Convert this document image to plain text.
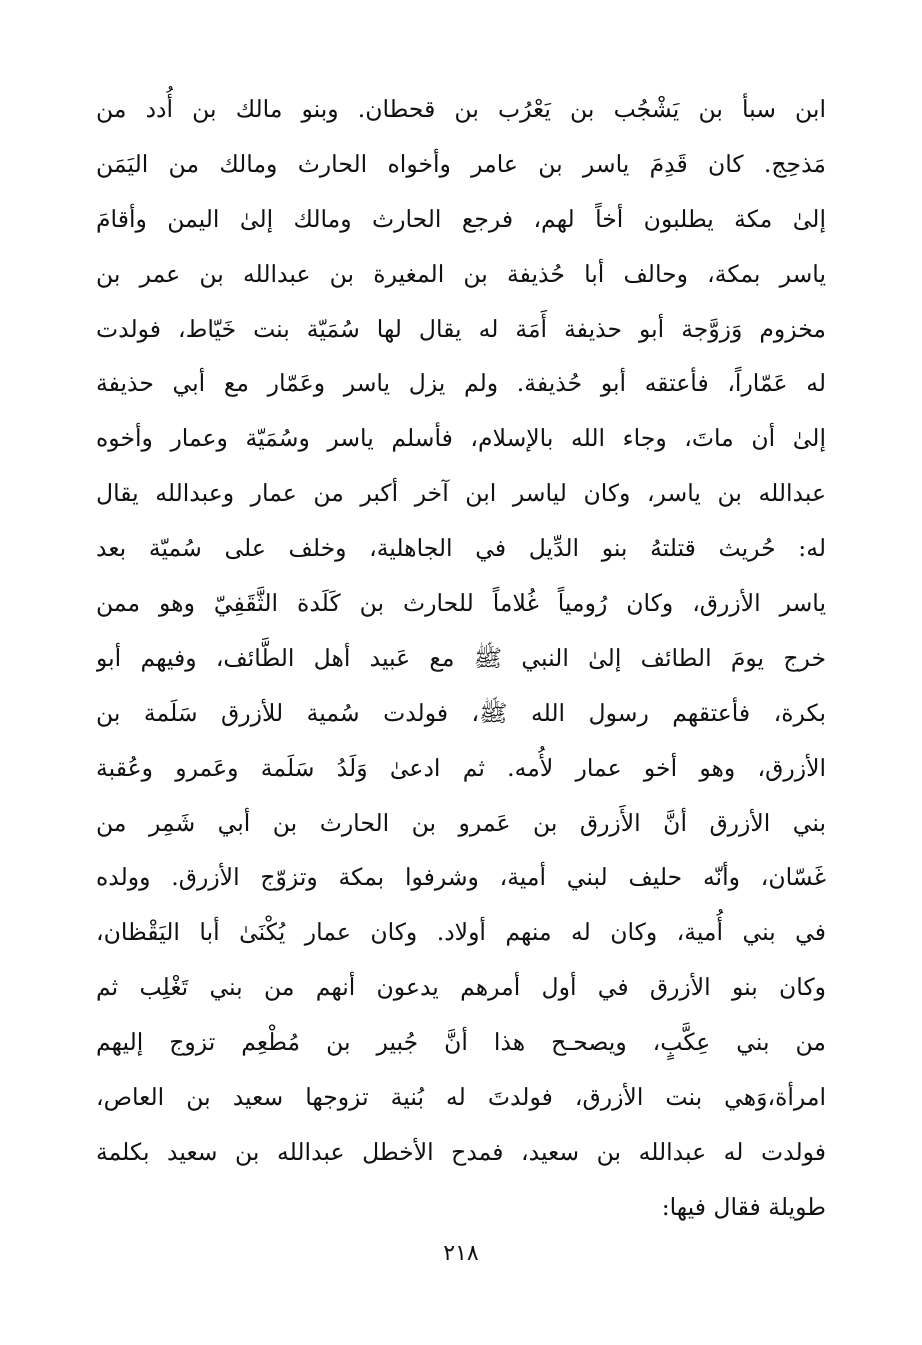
ابن سبأ بن يَشْجُب بن يَعْرُب بن قحطان. وبنو مالك بن أُدد من
مَذحِج. كان قَدِمَ ياسر بن عامر وأخواه الحارث ومالك من اليَمَن
إلىٰ مكة يطلبون أخاً لهم، فرجع الحارث ومالك إلىٰ اليمن وأقامَ
ياسر بمكة، وحالف أبا حُذيفة بن المغيرة بن عبدالله بن عمر بن
مخزوم وَزوَّجة أبو حذيفة أَمَة له يقال لها سُمَيّة بنت خَيّاط، فولدت
له عَمّاراً، فأعتقه أبو حُذيفة. ولم يزل ياسر وعَمّار مع أبي حذيفة
إلىٰ أن ماتَ، وجاء الله بالإسلام، فأسلم ياسر وسُمَيّة وعمار وأخوه
عبدالله بن ياسر، وكان لياسر ابن آخر أكبر من عمار وعبدالله يقال
له: حُريث قتلتهُ بنو الدِّيل في الجاهلية، وخلف على سُميّة بعد
ياسر الأزرق، وكان رُومياً غُلاماً للحارث بن كَلَدة الثَّقَفِيّ وهو ممن
خرج يومَ الطائف إلىٰ النبي ﷺ مع عَبيد أهل الطَّائف، وفيهم أبو
بكرة، فأعتقهم رسول الله ﷺ، فولدت سُمية للأزرق سَلَمة بن
الأزرق، وهو أخو عمار لأُمه. ثم ادعىٰ وَلَدُ سَلَمة وعَمرو وعُقبة
بني الأزرق أنَّ الأَزرق بن عَمرو بن الحارث بن أبي شَمِر من
غَسّان، وأنّه حليف لبني أمية، وشرفوا بمكة وتزوّج الأزرق. وولده
في بني أُمية، وكان له منهم أولاد. وكان عمار يُكْنَىٰ أبا اليَقْظان،
وكان بنو الأزرق في أول أمرهم يدعون أنهم من بني تَغْلِب ثم
من بني عِكَّبٍ، ويصحـح هذا أنَّ جُبير بن مُطْعِم تزوج إليهم
امرأة،وَهي بنت الأزرق، فولدتَ له بُنية تزوجها سعيد بن العاص،
فولدت له عبدالله بن سعيد، فمدح الأخطل عبدالله بن سعيد بكلمة
طويلة فقال فيها:
٢١٨
